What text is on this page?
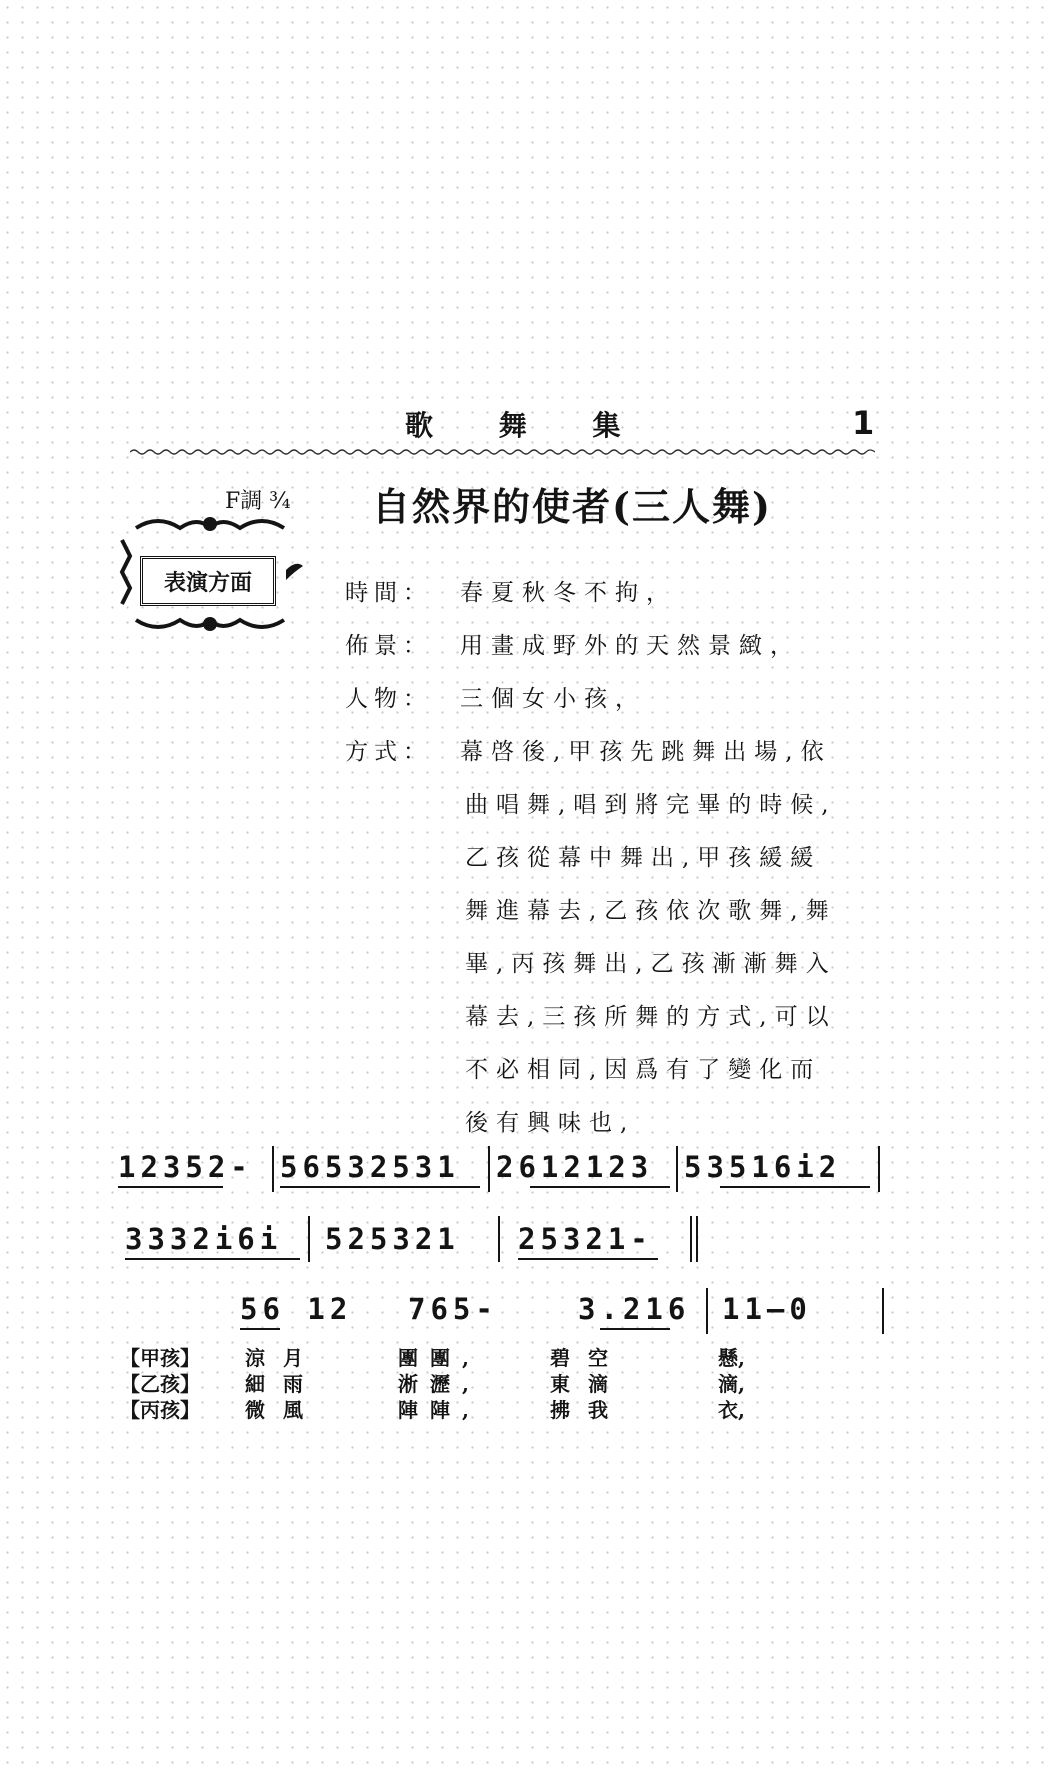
歌 舞 集	1
F調 ¾ 自然界的使者(三人舞)
表演方面	時間： 春夏秋冬不拘，
佈景： 用畫成野外的天然景緻，
人物： 三個女小孩，
方式： 幕啓後,甲孩先跳舞出場,依
曲唱舞,唱到將完畢的時候,
乙孩從幕中舞出,甲孩緩緩
舞進幕去,乙孩依次歌舞,舞
畢,丙孩舞出,乙孩漸漸舞入
幕去,三孩所舞的方式,可以
不必相同,因爲有了變化而
後有興味也,
12352- 56532531 2612123 53516i2
3332i6i 525321 25321-
56 12 765-	3.216 11—0
【甲孩】 涼月	團團,	碧空	懸,
【乙孩】 細雨	淅瀝,	東滴	滴,
【丙孩】 微風	陣陣,	拂我	衣,
